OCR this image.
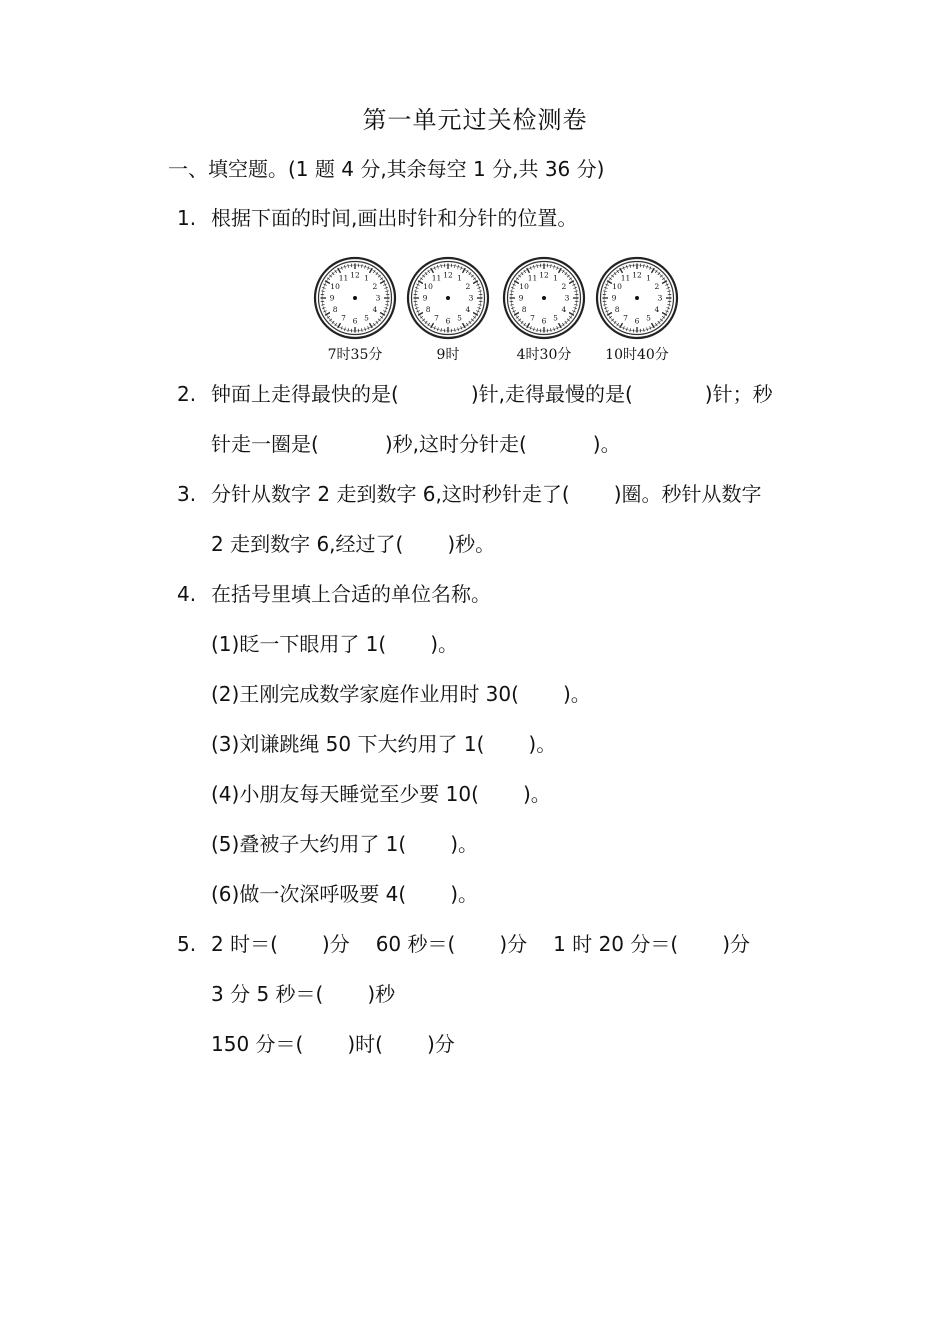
第一单元过关检测卷
一、填空题。(1 题 4 分,其余每空 1 分,共 36 分)
1. 根据下面的时间,画出时针和分针的位置。
12 1
2
3
4
5
6
7
8
9
10
11
7时35分
12 1
2
3
4
5
6
7
8
9
10
11
9时
12 1
2
3
4
5
6
7
8
9
10
11
4时30分
12 1
2
3
4
5
6
7
8
9
10
11
10时40分
2. 钟面上走得最快的是(	)针,走得最慢的是(	)针；秒
针走一圈是(	)秒,这时分针走(	)。
3. 分针从数字 2 走到数字 6,这时秒针走了( )圈。秒针从数字
2 走到数字 6,经过了( )秒。
4. 在括号里填上合适的单位名称。
(1)眨一下眼用了 1( )。
(2)王刚完成数学家庭作业用时 30( )。
(3)刘谦跳绳 50 下大约用了 1( )。
(4)小朋友每天睡觉至少要 10( )。
(5)叠被子大约用了 1( )。
(6)做一次深呼吸要 4( )。
5. 2 时＝( )分 60 秒＝( )分 1 时 20 分＝( )分
3 分 5 秒＝( )秒
150 分＝( )时( )分
